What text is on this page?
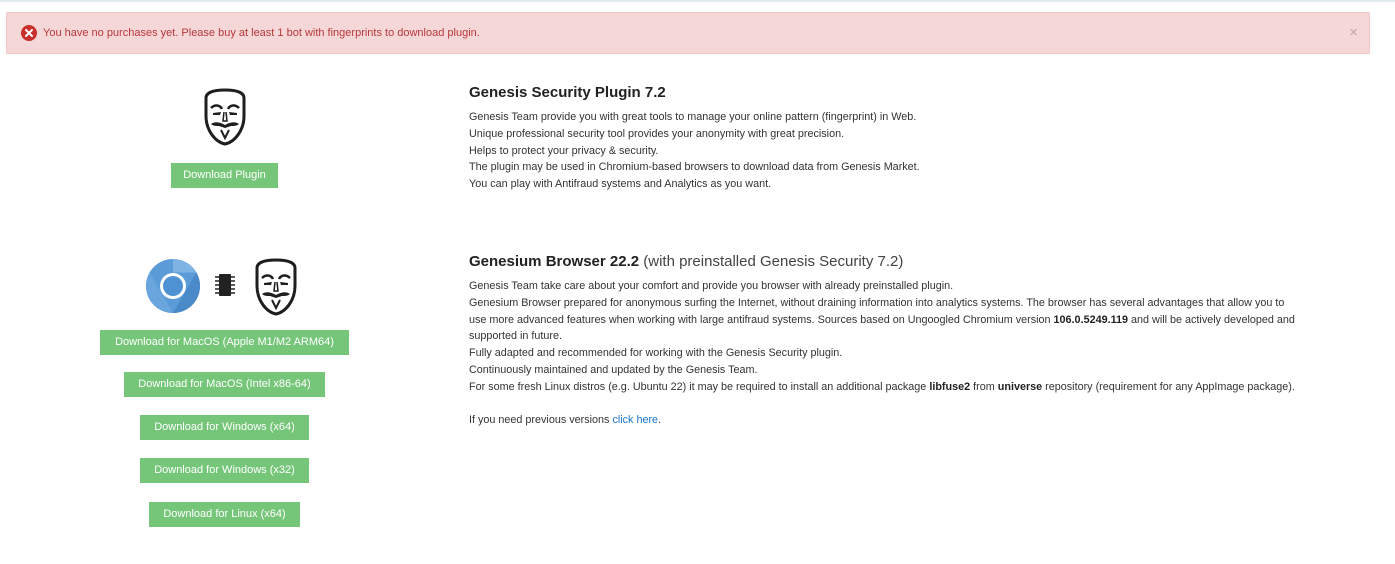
You have no purchases yet. Please buy at least 1 bot with fingerprints to download plugin.	×
Download Plugin
Genesis Security Plugin 7.2
Genesis Team provide you with great tools to manage your online pattern (fingerprint) in Web.
Unique professional security tool provides your anonymity with great precision.
Helps to protect your privacy & security.
The plugin may be used in Chromium-based browsers to download data from Genesis Market.
You can play with Antifraud systems and Analytics as you want.
Download for MacOS (Apple M1/M2 ARM64)
Download for MacOS (Intel x86-64)
Download for Windows (x64)
Download for Windows (x32)
Download for Linux (x64)
Genesium Browser 22.2 (with preinstalled Genesis Security 7.2)
Genesis Team take care about your comfort and provide you browser with already preinstalled plugin.
Genesium Browser prepared for anonymous surfing the Internet, without draining information into analytics systems. The browser has several advantages that allow you to
use more advanced features when working with large antifraud systems. Sources based on Ungoogled Chromium version 106.0.5249.119 and will be actively developed and
supported in future.
Fully adapted and recommended for working with the Genesis Security plugin.
Continuously maintained and updated by the Genesis Team.
For some fresh Linux distros (e.g. Ubuntu 22) it may be required to install an additional package libfuse2 from universe repository (requirement for any AppImage package).
If you need previous versions click here.
